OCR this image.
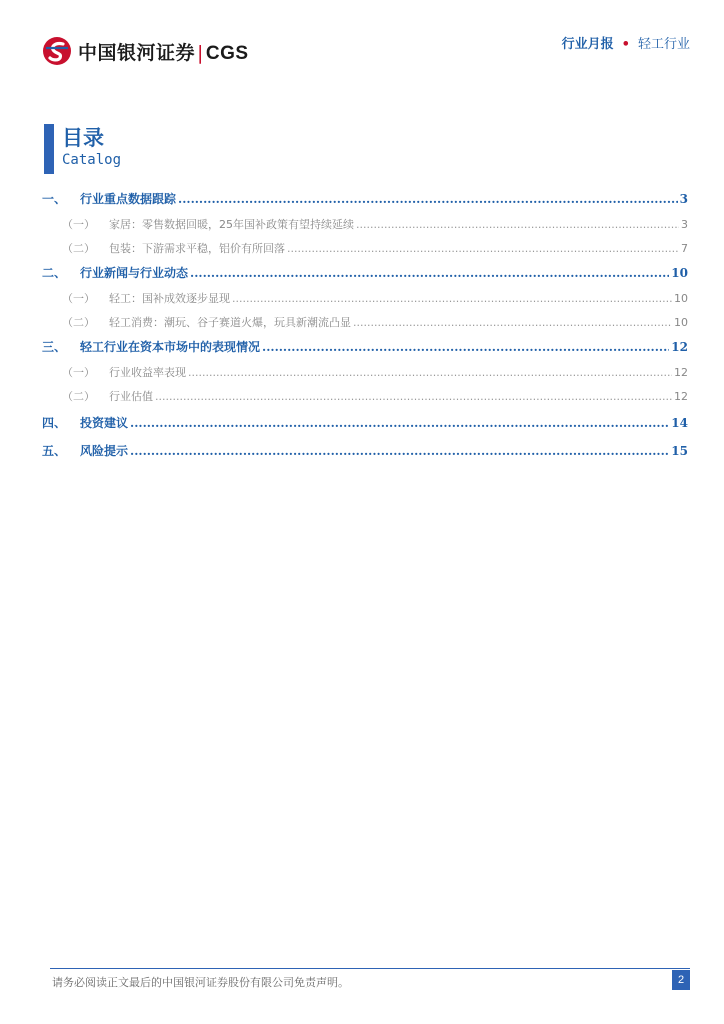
中国银河证券 | CGS	行业月报 • 轻工行业
目录
Catalog
一、 行业重点数据跟踪 .....	3
（一） 家居：零售数据回暖，25年国补政策有望持续延续 .....	3
（二） 包装：下游需求平稳，铝价有所回落 .....	7
二、 行业新闻与行业动态 .....	10
（一） 轻工：国补成效逐步显现 .....	10
（二） 轻工消费：潮玩、谷子赛道火爆，玩具新潮流凸显 .....	10
三、 轻工行业在资本市场中的表现情况 .....	12
（一） 行业收益率表现 .....	12
（二） 行业估值 .....	12
四、 投资建议 .....	14
五、 风险提示 .....	15
请务必阅读正文最后的中国银河证券股份有限公司免责声明。	2
